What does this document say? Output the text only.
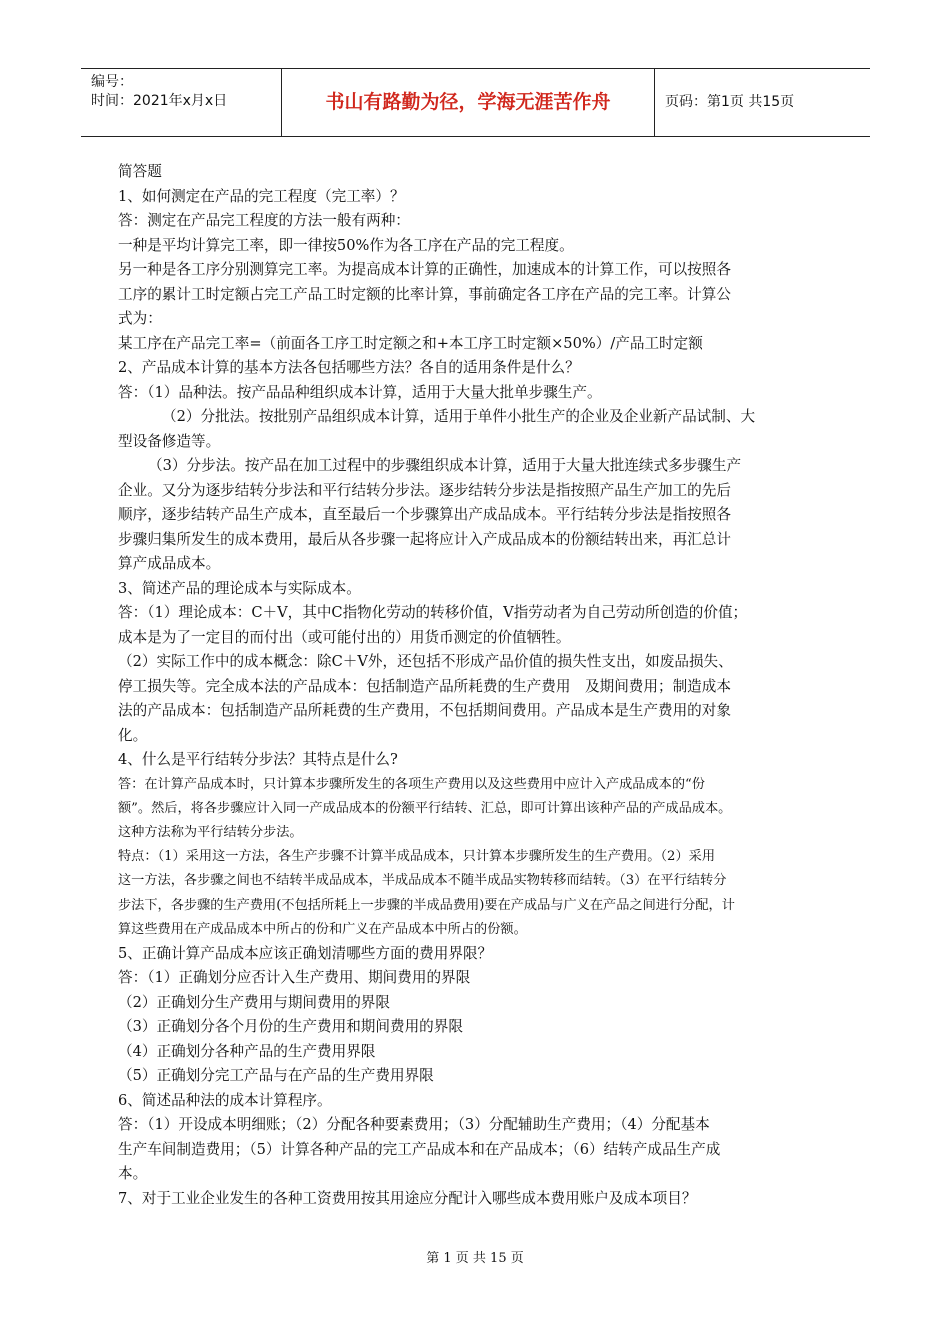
编号：
时间：2021年x月x日	书山有路勤为径，学海无涯苦作舟	页码：第1页 共15页
简答题
1、如何测定在产品的完工程度（完工率）？
答：测定在产品完工程度的方法一般有两种：
一种是平均计算完工率，即一律按50%作为各工序在产品的完工程度。
另一种是各工序分别测算完工率。为提高成本计算的正确性，加速成本的计算工作，可以按照各
工序的累计工时定额占完工产品工时定额的比率计算，事前确定各工序在产品的完工率。计算公
式为：
某工序在产品完工率=（前面各工序工时定额之和+本工序工时定额×50%）/产品工时定额
2、产品成本计算的基本方法各包括哪些方法？各自的适用条件是什么？
答：（1）品种法。按产品品种组织成本计算，适用于大量大批单步骤生产。
（2）分批法。按批别产品组织成本计算，适用于单件小批生产的企业及企业新产品试制、大
型设备修造等。
（3）分步法。按产品在加工过程中的步骤组织成本计算，适用于大量大批连续式多步骤生产
企业。又分为逐步结转分步法和平行结转分步法。逐步结转分步法是指按照产品生产加工的先后
顺序，逐步结转产品生产成本，直至最后一个步骤算出产成品成本。平行结转分步法是指按照各
步骤归集所发生的成本费用，最后从各步骤一起将应计入产成品成本的份额结转出来，再汇总计
算产成品成本。
3、简述产品的理论成本与实际成本。
答：（1）理论成本：C＋V，其中C指物化劳动的转移价值，V指劳动者为自己劳动所创造的价值；
成本是为了一定目的而付出（或可能付出的）用货币测定的价值牺牲。
（2）实际工作中的成本概念：除C＋V外，还包括不形成产品价值的损失性支出，如废品损失、
停工损失等。完全成本法的产品成本：包括制造产品所耗费的生产费用　及期间费用；制造成本
法的产品成本：包括制造产品所耗费的生产费用，不包括期间费用。产品成本是生产费用的对象
化。
4、什么是平行结转分步法？其特点是什么?
答：在计算产品成本时，只计算本步骤所发生的各项生产费用以及这些费用中应计入产成品成本的“份
额”。然后，将各步骤应计入同一产成品成本的份额平行结转、汇总，即可计算出该种产品的产成品成本。
这种方法称为平行结转分步法。
特点：（1）采用这一方法，各生产步骤不计算半成品成本，只计算本步骤所发生的生产费用。（2）采用
这一方法，各步骤之间也不结转半成品成本，半成品成本不随半成品实物转移而结转。（3）在平行结转分
步法下，各步骤的生产费用(不包括所耗上一步骤的半成品费用)要在产成品与广义在产品之间进行分配，计
算这些费用在产成品成本中所占的份和广义在产品成本中所占的份额。
5、正确计算产品成本应该正确划清哪些方面的费用界限？
答：（1）正确划分应否计入生产费用、期间费用的界限
（2）正确划分生产费用与期间费用的界限
（3）正确划分各个月份的生产费用和期间费用的界限
（4）正确划分各种产品的生产费用界限
（5）正确划分完工产品与在产品的生产费用界限
6、简述品种法的成本计算程序。
答：（1）开设成本明细账；（2）分配各种要素费用；（3）分配辅助生产费用；（4）分配基本
生产车间制造费用；（5）计算各种产品的完工产品成本和在产品成本；（6）结转产成品生产成
本。
7、对于工业企业发生的各种工资费用按其用途应分配计入哪些成本费用账户及成本项目？
第 1 页 共 15 页
